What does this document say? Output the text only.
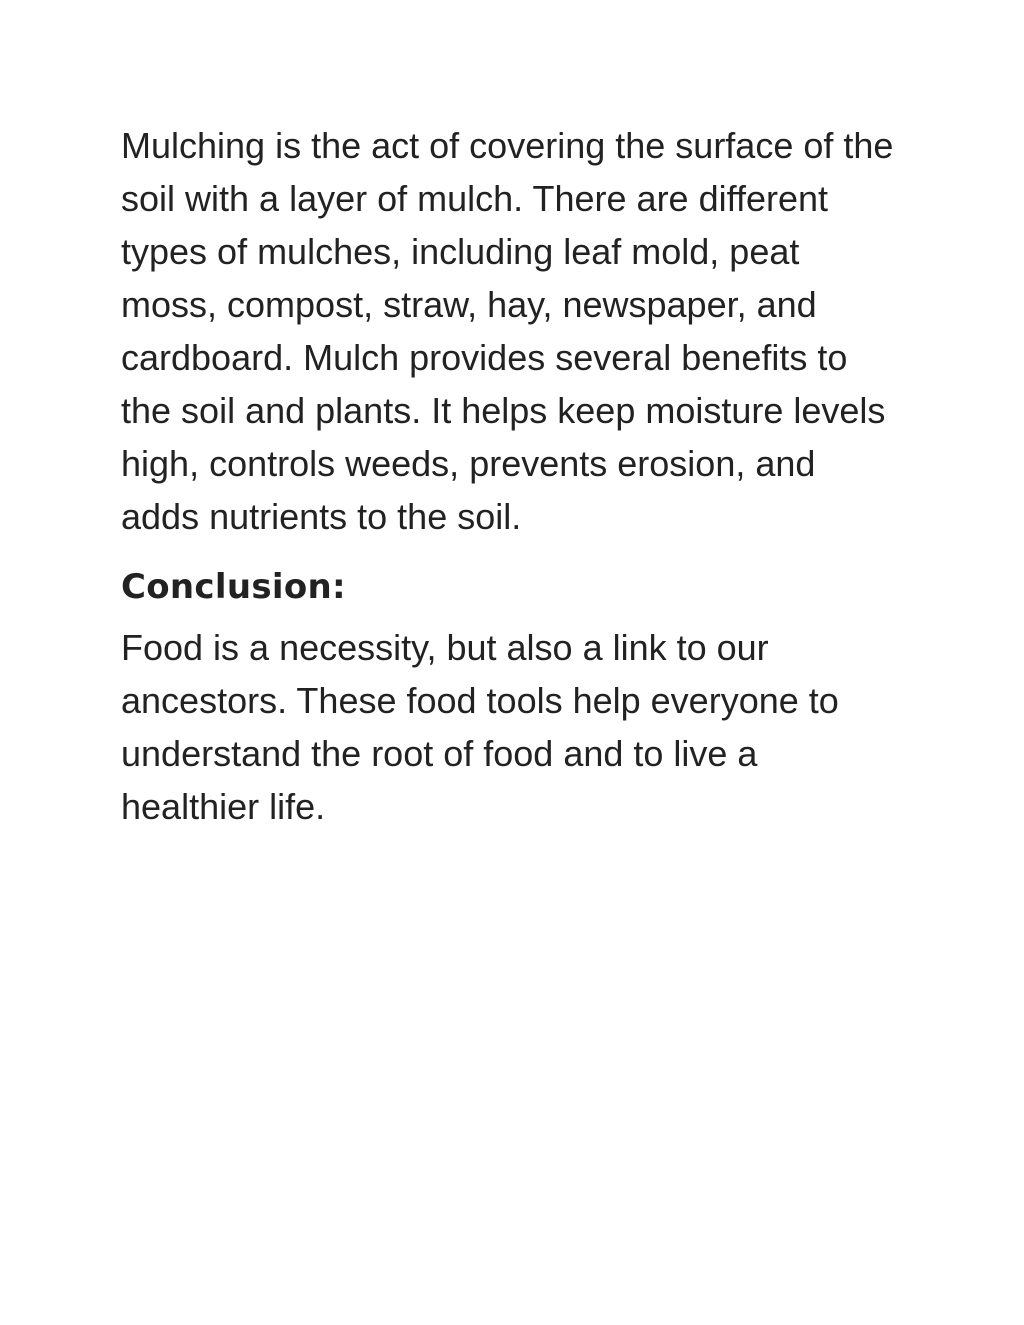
Mulching is the act of covering the surface of the soil with a layer of mulch. There are different types of mulches, including leaf mold, peat moss, compost, straw, hay, newspaper, and cardboard. Mulch provides several benefits to the soil and plants. It helps keep moisture levels high, controls weeds, prevents erosion, and adds nutrients to the soil.

Conclusion:

Food is a necessity, but also a link to our ancestors. These food tools help everyone to understand the root of food and to live a healthier life.
